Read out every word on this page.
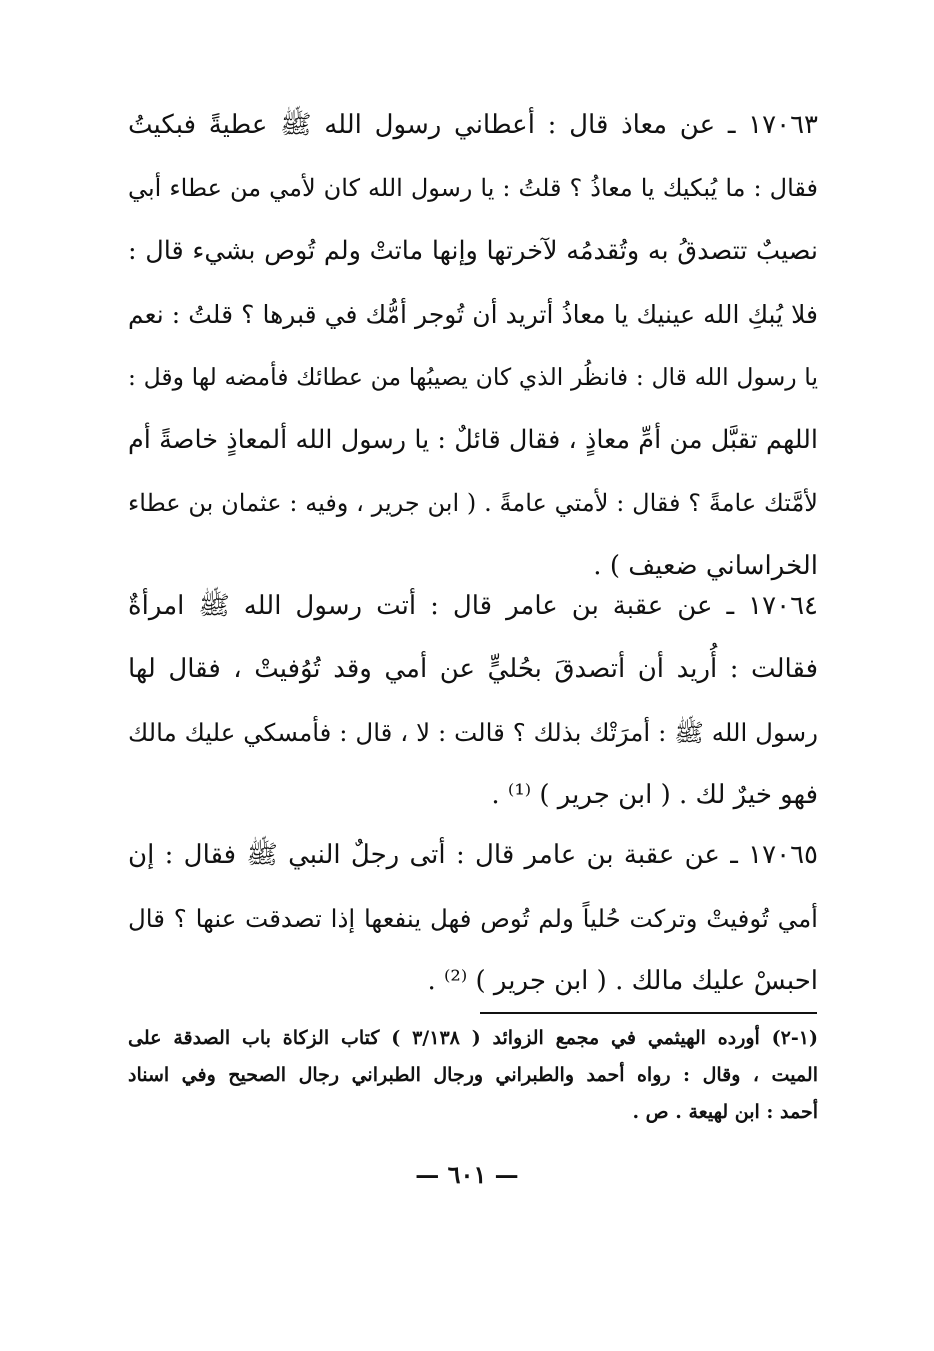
١٧٠٦٣ ـ عن معاذ قال : أعطاني رسول الله ﷺ عطيةً فبكيتُ
فقال : ما يُبكيك يا معاذُ ؟ قلتُ : يا رسول الله كان لأمي من عطاء أبي
نصيبٌ تتصدقُ به وتُقدمُه لآخرتها وإنها ماتتْ ولم تُوص بشيء قال :
فلا يُبكِ الله عينيك يا معاذُ أتريد أن تُوجر أمُّك في قبرها ؟ قلتُ : نعم
يا رسول الله قال : فانظُر الذي كان يصيبُها من عطائك فأمضه لها وقل :
اللهم تقبَّل من أمِّ معاذٍ ، فقال قائلٌ : يا رسول الله ألمعاذٍ خاصةً أم
لأمَّتك عامةً ؟ فقال : لأمتي عامةً . ( ابن جرير ، وفيه : عثمان بن عطاء
الخراساني ضعيف ) .
١٧٠٦٤ ـ عن عقبة بن عامر قال : أتت رسول الله ﷺ امرأةٌ
فقالت : أُريد أن أتصدقَ بحُليٍّ عن أمي وقد تُوُفيتْ ، فقال لها
رسول الله ﷺ : أمرَتْك بذلك ؟ قالت : لا ، قال : فأمسكي عليك مالك
فهو خيرٌ لك . ( ابن جرير ) ⁽¹⁾ .
١٧٠٦٥ ـ عن عقبة بن عامر قال : أتى رجلٌ النبي ﷺ فقال : إن
أمي تُوفيتْ وتركت حُلياً ولم تُوص فهل ينفعها إذا تصدقت عنها ؟ قال
احبسْ عليك مالك . ( ابن جرير ) ⁽²⁾ .
(١-٢) أورده الهيثمي في مجمع الزوائد ( ٣/١٣٨ ) كتاب الزكاة باب الصدقة على
الميت ، وقال : رواه أحمد والطبراني ورجال الطبراني رجال الصحيح وفي اسناد
أحمد : ابن لهيعة . ص .
— ٦٠١ —
